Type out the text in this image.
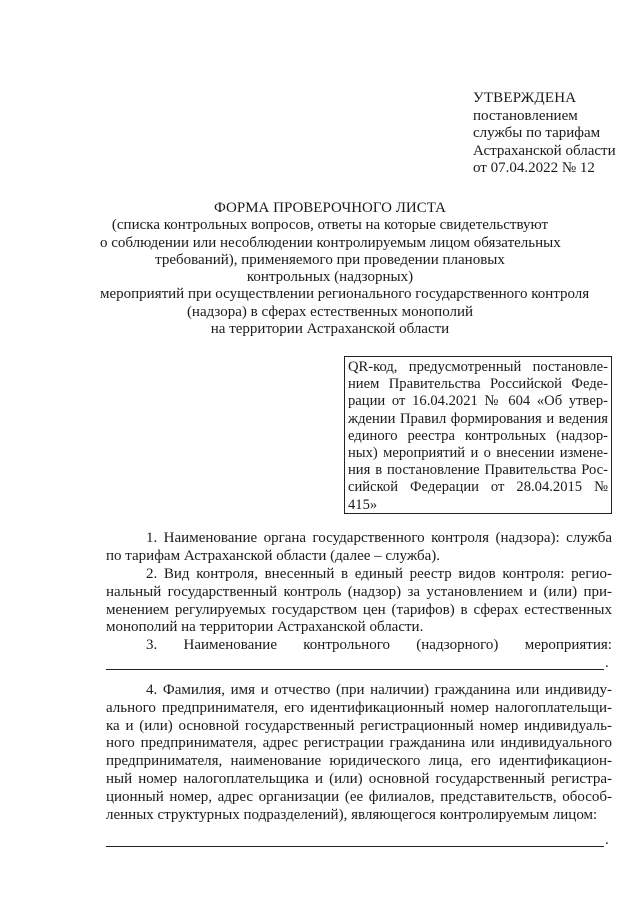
УТВЕРЖДЕНА
постановлением
службы по тарифам
Астраханской области
от 07.04.2022 № 12
ФОРМА ПРОВЕРОЧНОГО ЛИСТА
(списка контрольных вопросов, ответы на которые свидетельствуют
о соблюдении или несоблюдении контролируемым лицом обязательных
требований), применяемого при проведении плановых
контрольных (надзорных)
мероприятий при осуществлении регионального государственного контроля
(надзора) в сферах естественных монополий
на территории Астраханской области
QR-код, предусмотренный постановле-
нием Правительства Российской Феде-
рации от 16.04.2021 № 604 «Об утвер-
ждении Правил формирования и ведения
единого реестра контрольных (надзор-
ных) мероприятий и о внесении измене-
ния в постановление Правительства Рос-
сийской Федерации от 28.04.2015 №
415»
1. Наименование органа государственного контроля (надзора): служба
по тарифам Астраханской области (далее – служба).
2. Вид контроля, внесенный в единый реестр видов контроля: регио-
нальный государственный контроль (надзор) за установлением и (или) при-
менением регулируемых государством цен (тарифов) в сферах естественных
монополий на территории Астраханской области.
3. Наименование контрольного (надзорного) мероприятия:
.
4. Фамилия, имя и отчество (при наличии) гражданина или индивиду-
ального предпринимателя, его идентификационный номер налогоплательщи-
ка и (или) основной государственный регистрационный номер индивидуаль-
ного предпринимателя, адрес регистрации гражданина или индивидуального
предпринимателя, наименование юридического лица, его идентификацион-
ный номер налогоплательщика и (или) основной государственный регистра-
ционный номер, адрес организации (ее филиалов, представительств, обособ-
ленных структурных подразделений), являющегося контролируемым лицом:
.
